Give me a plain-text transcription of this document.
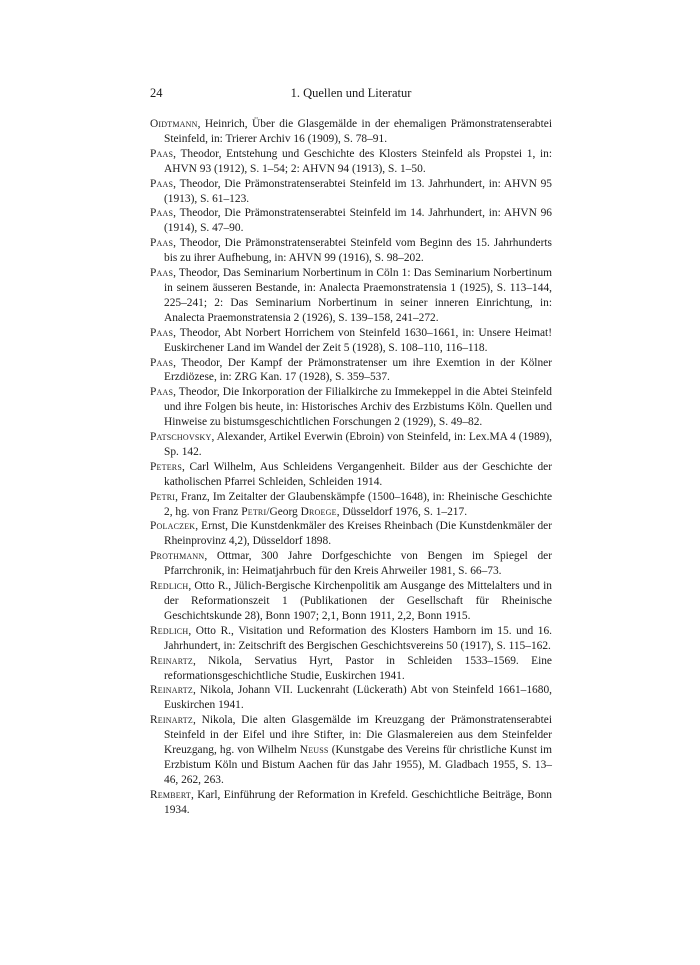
24	1. Quellen und Literatur
Oidtmann, Heinrich, Über die Glasgemälde in der ehemaligen Prämonstratenserabtei Steinfeld, in: Trierer Archiv 16 (1909), S. 78–91.
Paas, Theodor, Entstehung und Geschichte des Klosters Steinfeld als Propstei 1, in: AHVN 93 (1912), S. 1–54; 2: AHVN 94 (1913), S. 1–50.
Paas, Theodor, Die Prämonstratenserabtei Steinfeld im 13. Jahrhundert, in: AHVN 95 (1913), S. 61–123.
Paas, Theodor, Die Prämonstratenserabtei Steinfeld im 14. Jahrhundert, in: AHVN 96 (1914), S. 47–90.
Paas, Theodor, Die Prämonstratenserabtei Steinfeld vom Beginn des 15. Jahrhunderts bis zu ihrer Aufhebung, in: AHVN 99 (1916), S. 98–202.
Paas, Theodor, Das Seminarium Norbertinum in Cöln 1: Das Seminarium Norbertinum in seinem äusseren Bestande, in: Analecta Praemonstratensia 1 (1925), S. 113–144, 225–241; 2: Das Seminarium Norbertinum in seiner inneren Einrichtung, in: Analecta Praemonstratensia 2 (1926), S. 139–158, 241–272.
Paas, Theodor, Abt Norbert Horrichem von Steinfeld 1630–1661, in: Unsere Heimat! Euskirchener Land im Wandel der Zeit 5 (1928), S. 108–110, 116–118.
Paas, Theodor, Der Kampf der Prämonstratenser um ihre Exemtion in der Kölner Erzdiözese, in: ZRG Kan. 17 (1928), S. 359–537.
Paas, Theodor, Die Inkorporation der Filialkirche zu Immekeppel in die Abtei Steinfeld und ihre Folgen bis heute, in: Historisches Archiv des Erzbistums Köln. Quellen und Hinweise zu bistumsgeschichtlichen Forschungen 2 (1929), S. 49–82.
Patschovsky, Alexander, Artikel Everwin (Ebroin) von Steinfeld, in: Lex.MA 4 (1989), Sp. 142.
Peters, Carl Wilhelm, Aus Schleidens Vergangenheit. Bilder aus der Geschichte der katholischen Pfarrei Schleiden, Schleiden 1914.
Petri, Franz, Im Zeitalter der Glaubenskämpfe (1500–1648), in: Rheinische Geschichte 2, hg. von Franz Petri/Georg Droege, Düsseldorf 1976, S. 1–217.
Polaczek, Ernst, Die Kunstdenkmäler des Kreises Rheinbach (Die Kunstdenkmäler der Rheinprovinz 4,2), Düsseldorf 1898.
Prothmann, Ottmar, 300 Jahre Dorfgeschichte von Bengen im Spiegel der Pfarrchronik, in: Heimatjahrbuch für den Kreis Ahrweiler 1981, S. 66–73.
Redlich, Otto R., Jülich-Bergische Kirchenpolitik am Ausgange des Mittelalters und in der Reformationszeit 1 (Publikationen der Gesellschaft für Rheinische Geschichtskunde 28), Bonn 1907; 2,1, Bonn 1911, 2,2, Bonn 1915.
Redlich, Otto R., Visitation und Reformation des Klosters Hamborn im 15. und 16. Jahrhundert, in: Zeitschrift des Bergischen Geschichtsvereins 50 (1917), S. 115–162.
Reinartz, Nikola, Servatius Hyrt, Pastor in Schleiden 1533–1569. Eine reformationsgeschichtliche Studie, Euskirchen 1941.
Reinartz, Nikola, Johann VII. Luckenraht (Lückerath) Abt von Steinfeld 1661–1680, Euskirchen 1941.
Reinartz, Nikola, Die alten Glasgemälde im Kreuzgang der Prämonstratenserabtei Steinfeld in der Eifel und ihre Stifter, in: Die Glasmalereien aus dem Steinfelder Kreuzgang, hg. von Wilhelm Neuss (Kunstgabe des Vereins für christliche Kunst im Erzbistum Köln und Bistum Aachen für das Jahr 1955), M. Gladbach 1955, S. 13–46, 262, 263.
Rembert, Karl, Einführung der Reformation in Krefeld. Geschichtliche Beiträge, Bonn 1934.
